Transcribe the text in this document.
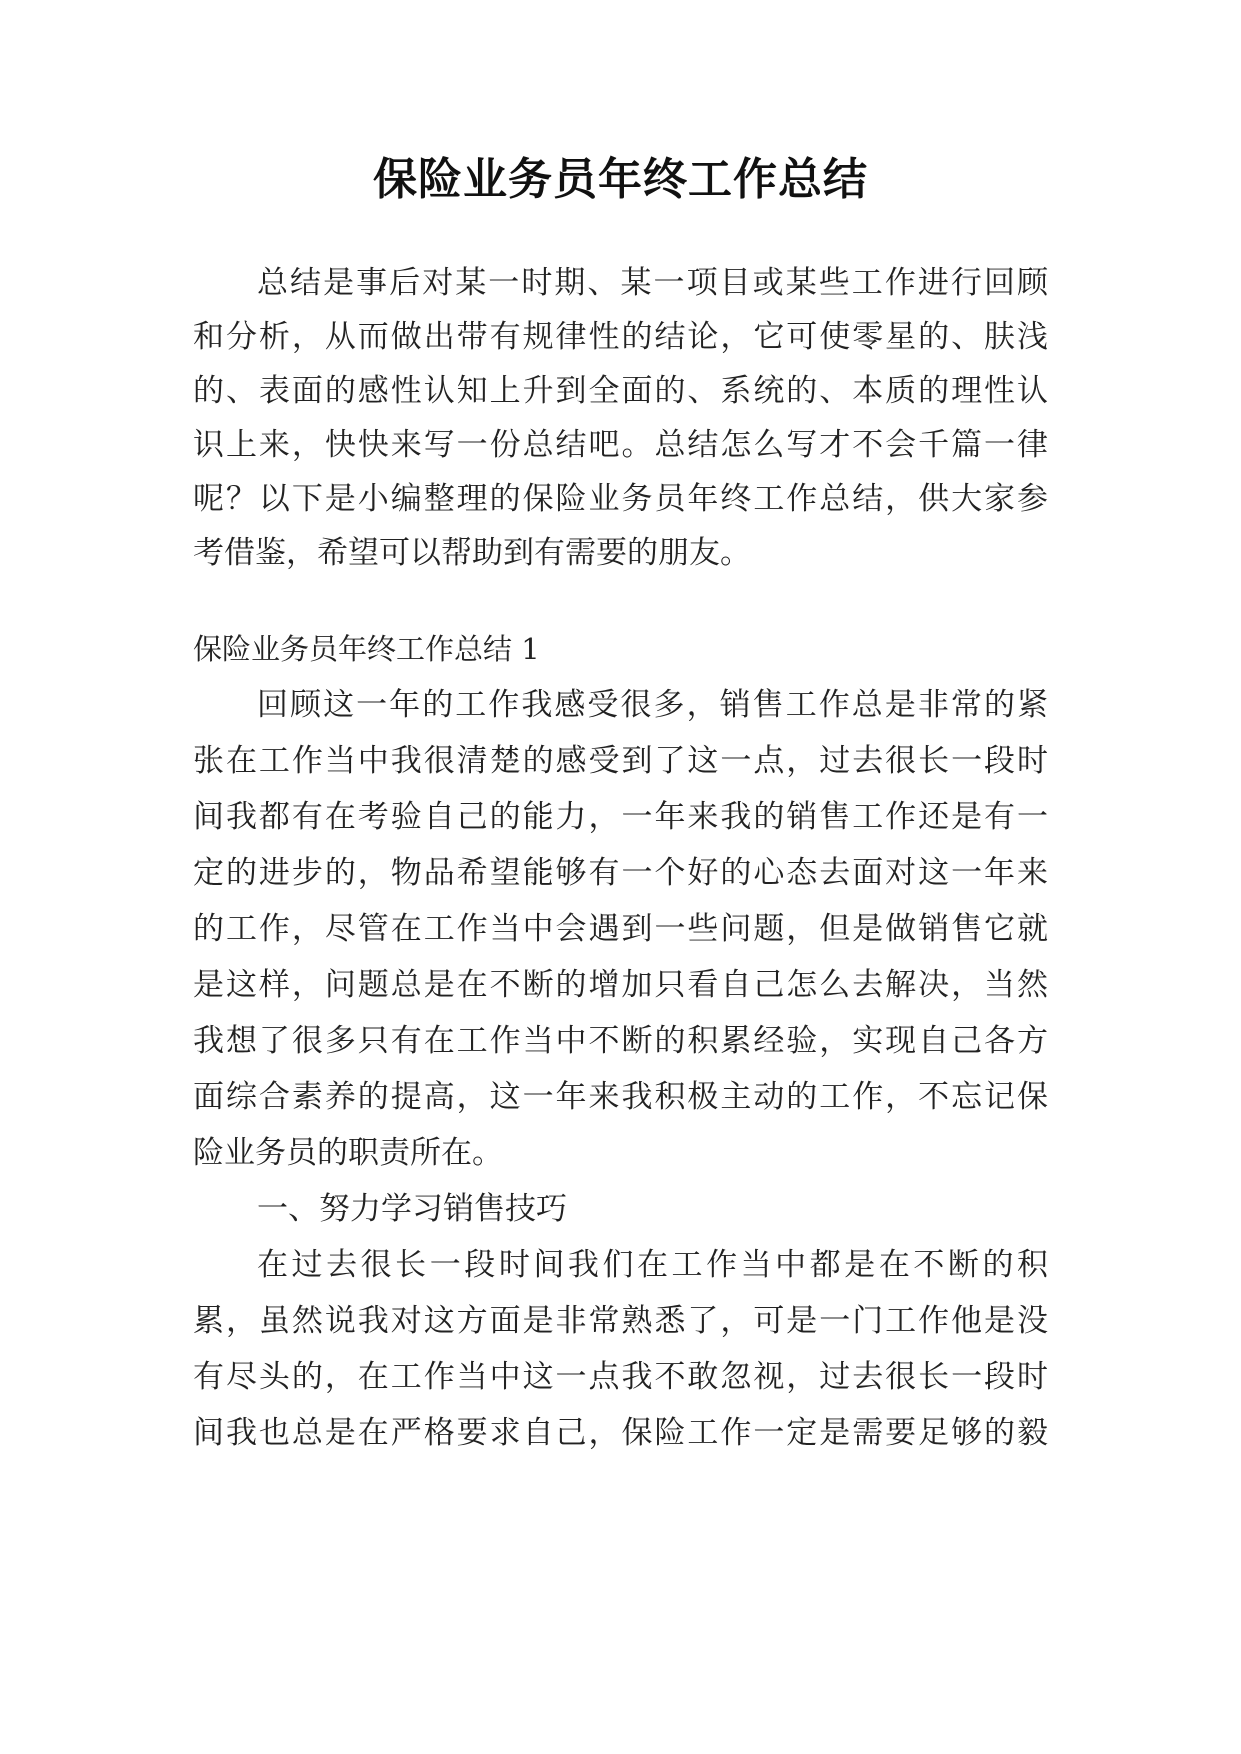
保险业务员年终工作总结
总结是事后对某一时期、某一项目或某些工作进行回顾
和分析，从而做出带有规律性的结论，它可使零星的、肤浅
的、表面的感性认知上升到全面的、系统的、本质的理性认
识上来，快快来写一份总结吧。总结怎么写才不会千篇一律
呢？以下是小编整理的保险业务员年终工作总结，供大家参
考借鉴，希望可以帮助到有需要的朋友。
保险业务员年终工作总结 1
回顾这一年的工作我感受很多，销售工作总是非常的紧
张在工作当中我很清楚的感受到了这一点，过去很长一段时
间我都有在考验自己的能力，一年来我的销售工作还是有一
定的进步的，物品希望能够有一个好的心态去面对这一年来
的工作，尽管在工作当中会遇到一些问题，但是做销售它就
是这样，问题总是在不断的增加只看自己怎么去解决，当然
我想了很多只有在工作当中不断的积累经验，实现自己各方
面综合素养的提高，这一年来我积极主动的工作，不忘记保
险业务员的职责所在。
一、努力学习销售技巧
在过去很长一段时间我们在工作当中都是在不断的积
累，虽然说我对这方面是非常熟悉了，可是一门工作他是没
有尽头的，在工作当中这一点我不敢忽视，过去很长一段时
间我也总是在严格要求自己，保险工作一定是需要足够的毅
